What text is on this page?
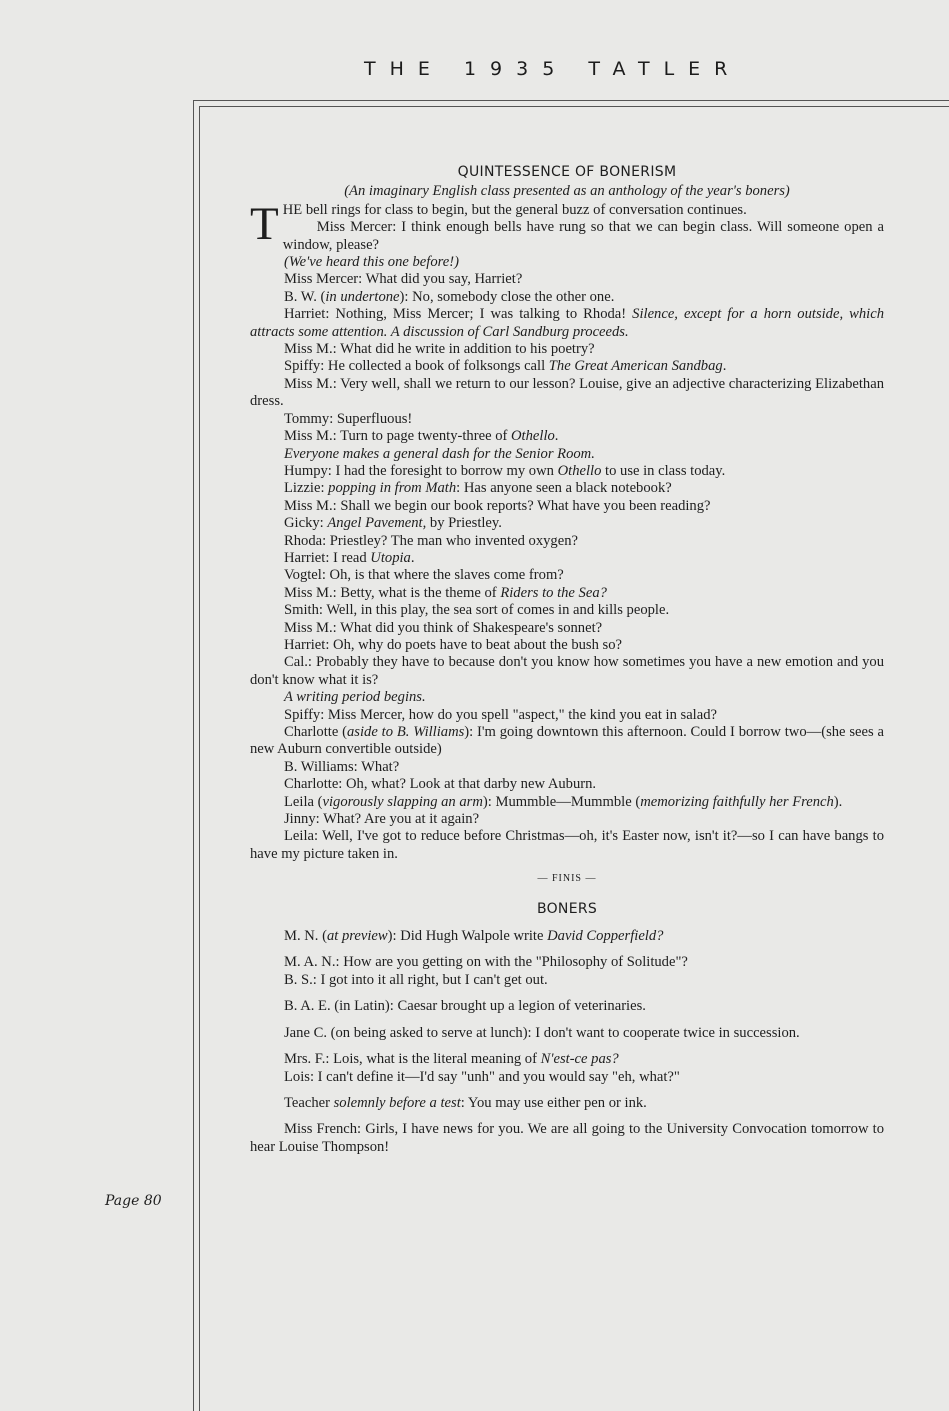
THE 1935 TATLER
Page 80
QUINTESSENCE OF BONERISM
(An imaginary English class presented as an anthology of the year's boners)

THE bell rings for class to begin, but the general buzz of conversation continues.

Miss Mercer: I think enough bells have rung so that we can begin class. Will someone open a window, please?

(We've heard this one before!)

Miss Mercer: What did you say, Harriet?

B. W. (in undertone): No, somebody close the other one.

Harriet: Nothing, Miss Mercer; I was talking to Rhoda! Silence, except for a horn outside, which attracts some attention. A discussion of Carl Sandburg proceeds.

Miss M.: What did he write in addition to his poetry?

Spiffy: He collected a book of folksongs call The Great American Sandbag.

Miss M.: Very well, shall we return to our lesson? Louise, give an adjective characterizing Elizabethan dress.

Tommy: Superfluous!

Miss M.: Turn to page twenty-three of Othello.

Everyone makes a general dash for the Senior Room.

Humpy: I had the foresight to borrow my own Othello to use in class today.

Lizzie: popping in from Math: Has anyone seen a black notebook?

Miss M.: Shall we begin our book reports? What have you been reading?

Gicky: Angel Pavement, by Priestley.

Rhoda: Priestley? The man who invented oxygen?

Harriet: I read Utopia.

Vogtel: Oh, is that where the slaves come from?

Miss M.: Betty, what is the theme of Riders to the Sea?

Smith: Well, in this play, the sea sort of comes in and kills people.

Miss M.: What did you think of Shakespeare's sonnet?

Harriet: Oh, why do poets have to beat about the bush so?

Cal.: Probably they have to because don't you know how sometimes you have a new emotion and you don't know what it is?

A writing period begins.

Spiffy: Miss Mercer, how do you spell "aspect," the kind you eat in salad?

Charlotte (aside to B. Williams): I'm going downtown this afternoon. Could I borrow two—(she sees a new Auburn convertible outside)

B. Williams: What?

Charlotte: Oh, what? Look at that darby new Auburn.

Leila (vigorously slapping an arm): Mummble—Mummble (memorizing faithfully her French).

Jinny: What? Are you at it again?

Leila: Well, I've got to reduce before Christmas—oh, it's Easter now, isn't it?—so I can have bangs to have my picture taken in.

— FINIS —
BONERS

M. N. (at preview): Did Hugh Walpole write David Copperfield?

M. A. N.: How are you getting on with the "Philosophy of Solitude"?

B. S.: I got into it all right, but I can't get out.

B. A. E. (in Latin): Caesar brought up a legion of veterinaries.

Jane C. (on being asked to serve at lunch): I don't want to cooperate twice in succession.

Mrs. F.: Lois, what is the literal meaning of N'est-ce pas?

Lois: I can't define it—I'd say "unh" and you would say "eh, what?"

Teacher solemnly before a test: You may use either pen or ink.

Miss French: Girls, I have news for you. We are all going to the University Convocation tomorrow to hear Louise Thompson!
